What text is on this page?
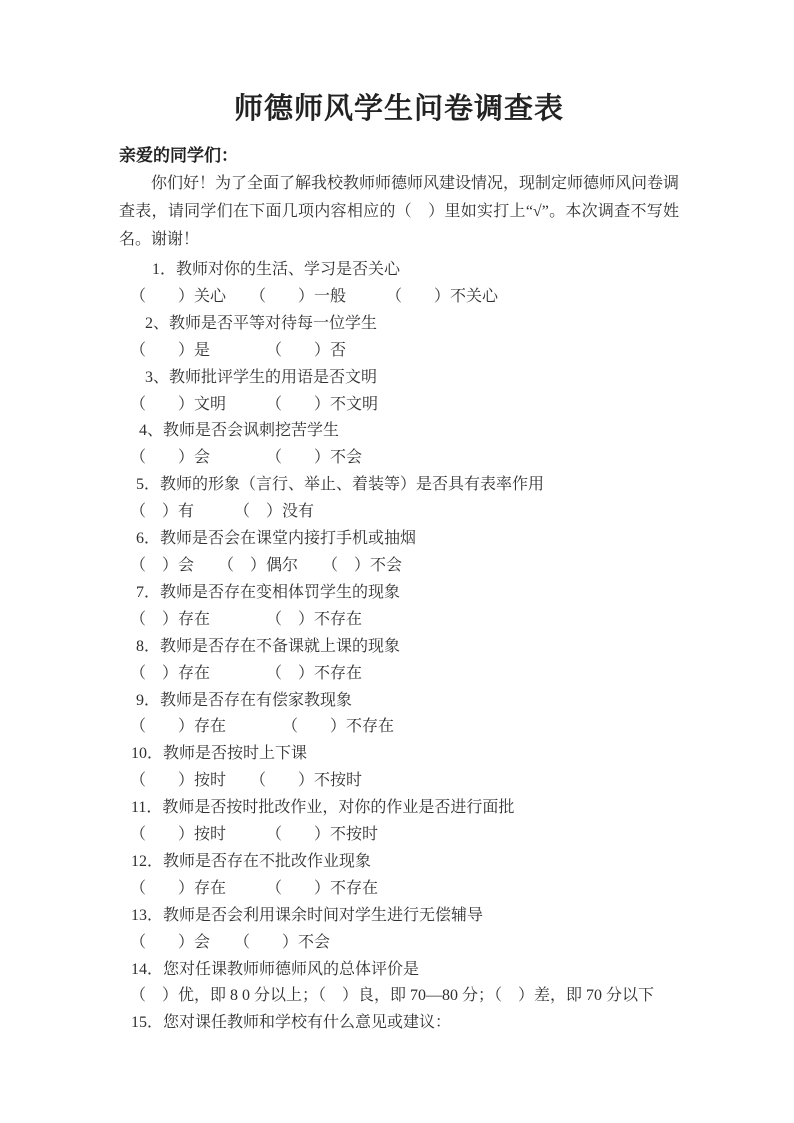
师德师风学生问卷调查表
亲爱的同学们：

你们好！为了全面了解我校教师师德师风建设情况，现制定师德师风问卷调查表，请同学们在下面几项内容相应的（　）里如实打上“√”。本次调查不写姓名。谢谢！

1．教师对你的生活、学习是否关心
（　　）关心　　（　　）一般　　　（　　）不关心
2、教师是否平等对待每一位学生
（　　）是　　　　（　　）否
3、教师批评学生的用语是否文明
（　　）文明　　　（　　）不文明
4、教师是否会讽刺挖苦学生
（　　）会　　　　（　　）不会
5．教师的形象（言行、举止、着装等）是否具有表率作用
（　）有　　　（　）没有
6．教师是否会在课堂内接打手机或抽烟
（　）会　　（　）偶尔　　（　）不会
7．教师是否存在变相体罚学生的现象
（　）存在　　　　（　）不存在
8．教师是否存在不备课就上课的现象
（　）存在　　　　（　）不存在
9．教师是否存在有偿家教现象
（　　）存在　　　　（　　）不存在
10．教师是否按时上下课
（　　）按时　　（　　）不按时
11．教师是否按时批改作业，对你的作业是否进行面批
（　　）按时　　　（　　）不按时
12．教师是否存在不批改作业现象
（　　）存在　　　（　　）不存在
13．教师是否会利用课余时间对学生进行无偿辅导
（　　）会　　（　　）不会
14．您对任课教师师德师风的总体评价是
（　）优，即 8 0 分以上；（　）良，即 70—80 分；（　）差，即 70 分以下
15．您对课任教师和学校有什么意见或建议：
